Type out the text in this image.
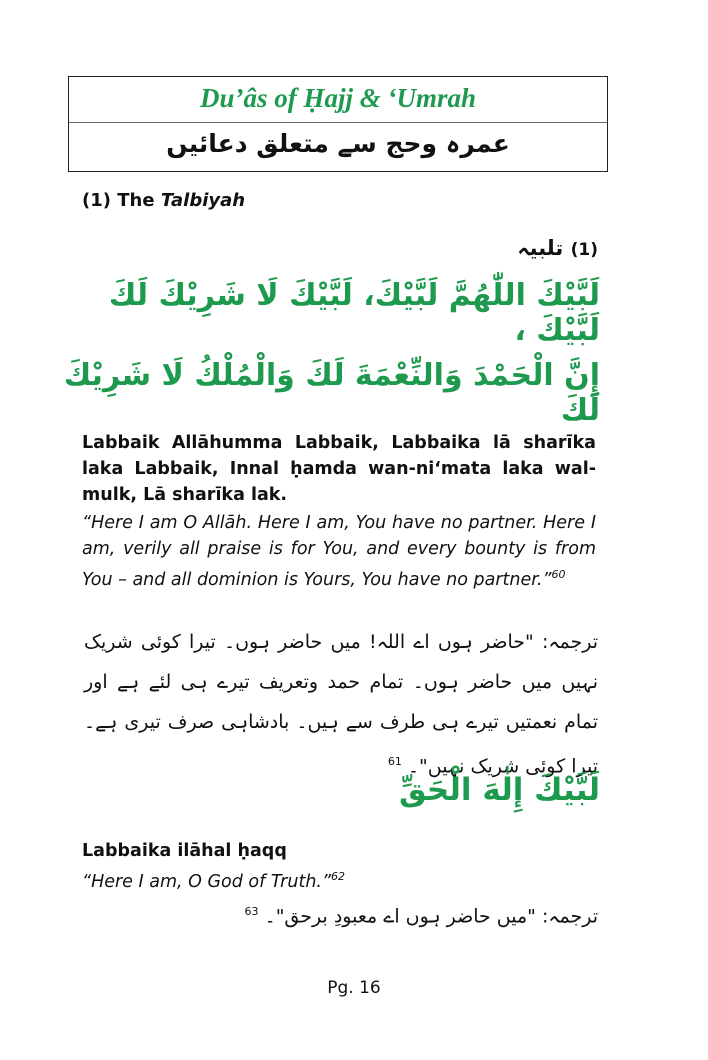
Du’âs of Ḥajj & ‘Umrah
عمرہ وحج سے متعلق دعائیں
(1) The Talbiyah
(1) تلبیہ
لَبَّيْكَ اللّٰهُمَّ لَبَّيْكَ، لَبَّيْكَ لَا شَرِيْكَ لَكَ لَبَّيْكَ ،
إِنَّ الْحَمْدَ وَالنِّعْمَةَ لَكَ وَالْمُلْكُ لَا شَرِيْكَ لَكَ
Labbaik Allāhumma Labbaik, Labbaika lā sharīka laka Labbaik, Innal ḥamda wan-ni‘mata laka wal-mulk, Lā sharīka lak.
“Here I am O Allāh. Here I am, You have no partner. Here I am, verily all praise is for You, and every bounty is from You – and all dominion is Yours, You have no partner.”$^{60}$
ترجمہ: "حاضر ہوں اے اللہ! میں حاضر ہوں۔ تیرا کوئی شریک نہیں میں حاضر ہوں۔ تمام حمد وتعریف تیرے ہی لئے ہے اور تمام نعمتیں تیرے ہی طرف سے ہیں۔ بادشاہی صرف تیری ہے۔ تیرا کوئی شریک نہیں"۔ $^{61}$
لَبَّيْكَ إِلٰهَ الْحَقِّ
Labbaika ilāhal ḥaqq
“Here I am, O God of Truth.”$^{62}$
ترجمہ: "میں حاضر ہوں اے معبودِ برحق"۔ $^{63}$
Pg. 16
